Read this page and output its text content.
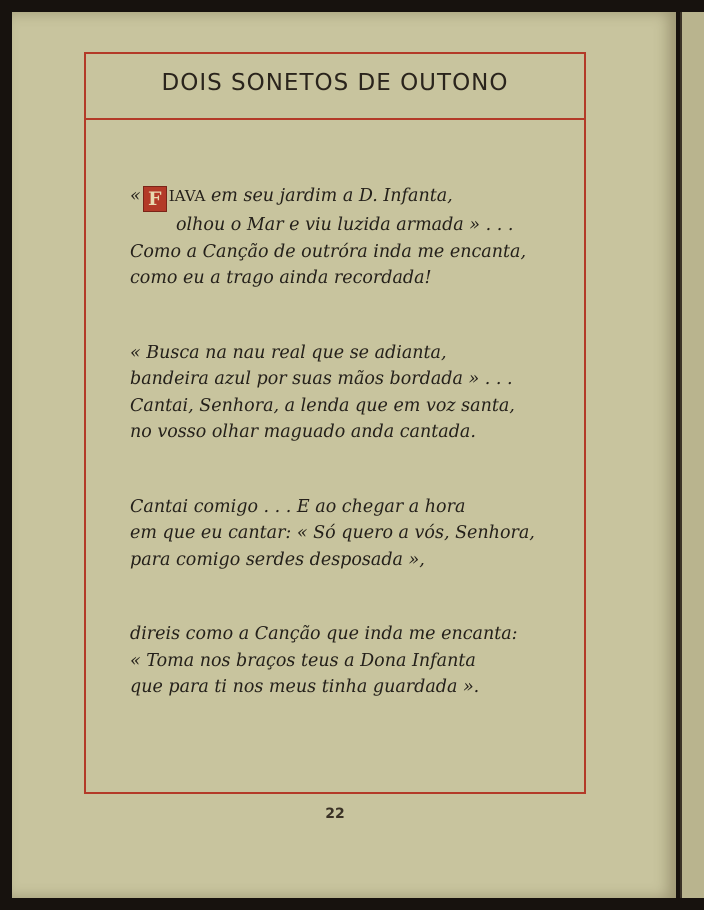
DOIS SONETOS DE OUTONO
« F IAVA em seu jardim a D. Infanta,
olhou o Mar e viu luzida armada » . . .
Como a Canção de outróra inda me encanta,
como eu a trago ainda recordada!
« Busca na nau real que se adianta,
bandeira azul por suas mãos bordada » . . .
Cantai, Senhora, a lenda que em voz santa,
no vosso olhar maguado anda cantada.
Cantai comigo . . . E ao chegar a hora
em que eu cantar: « Só quero a vós, Senhora,
para comigo serdes desposada »,
direis como a Canção que inda me encanta:
« Toma nos braços teus a Dona Infanta
que para ti nos meus tinha guardada ».
22
